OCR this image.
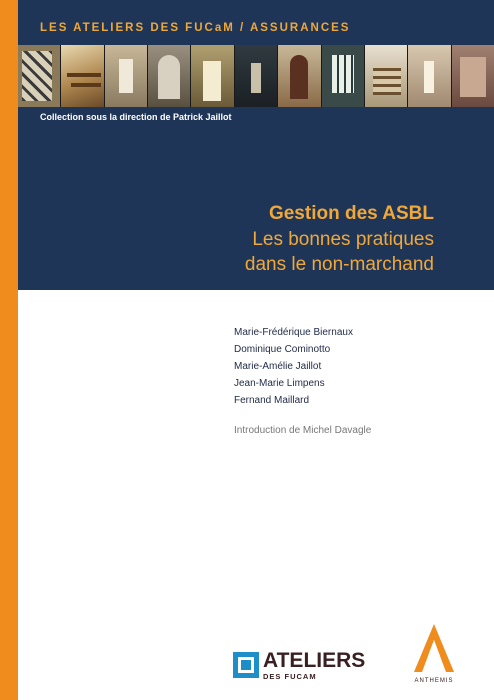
LES ATELIERS DES FUCaM / ASSURANCES
Collection sous la direction de Patrick Jaillot
Gestion des ASBL
Les bonnes pratiques
dans le non-marchand
Marie-Frédérique Biernaux
Dominique Cominotto
Marie-Amélie Jaillot
Jean-Marie Limpens
Fernand Maillard
Introduction de Michel Davagle
ATELIERS
DES FUCAM	ANTHEMIS
